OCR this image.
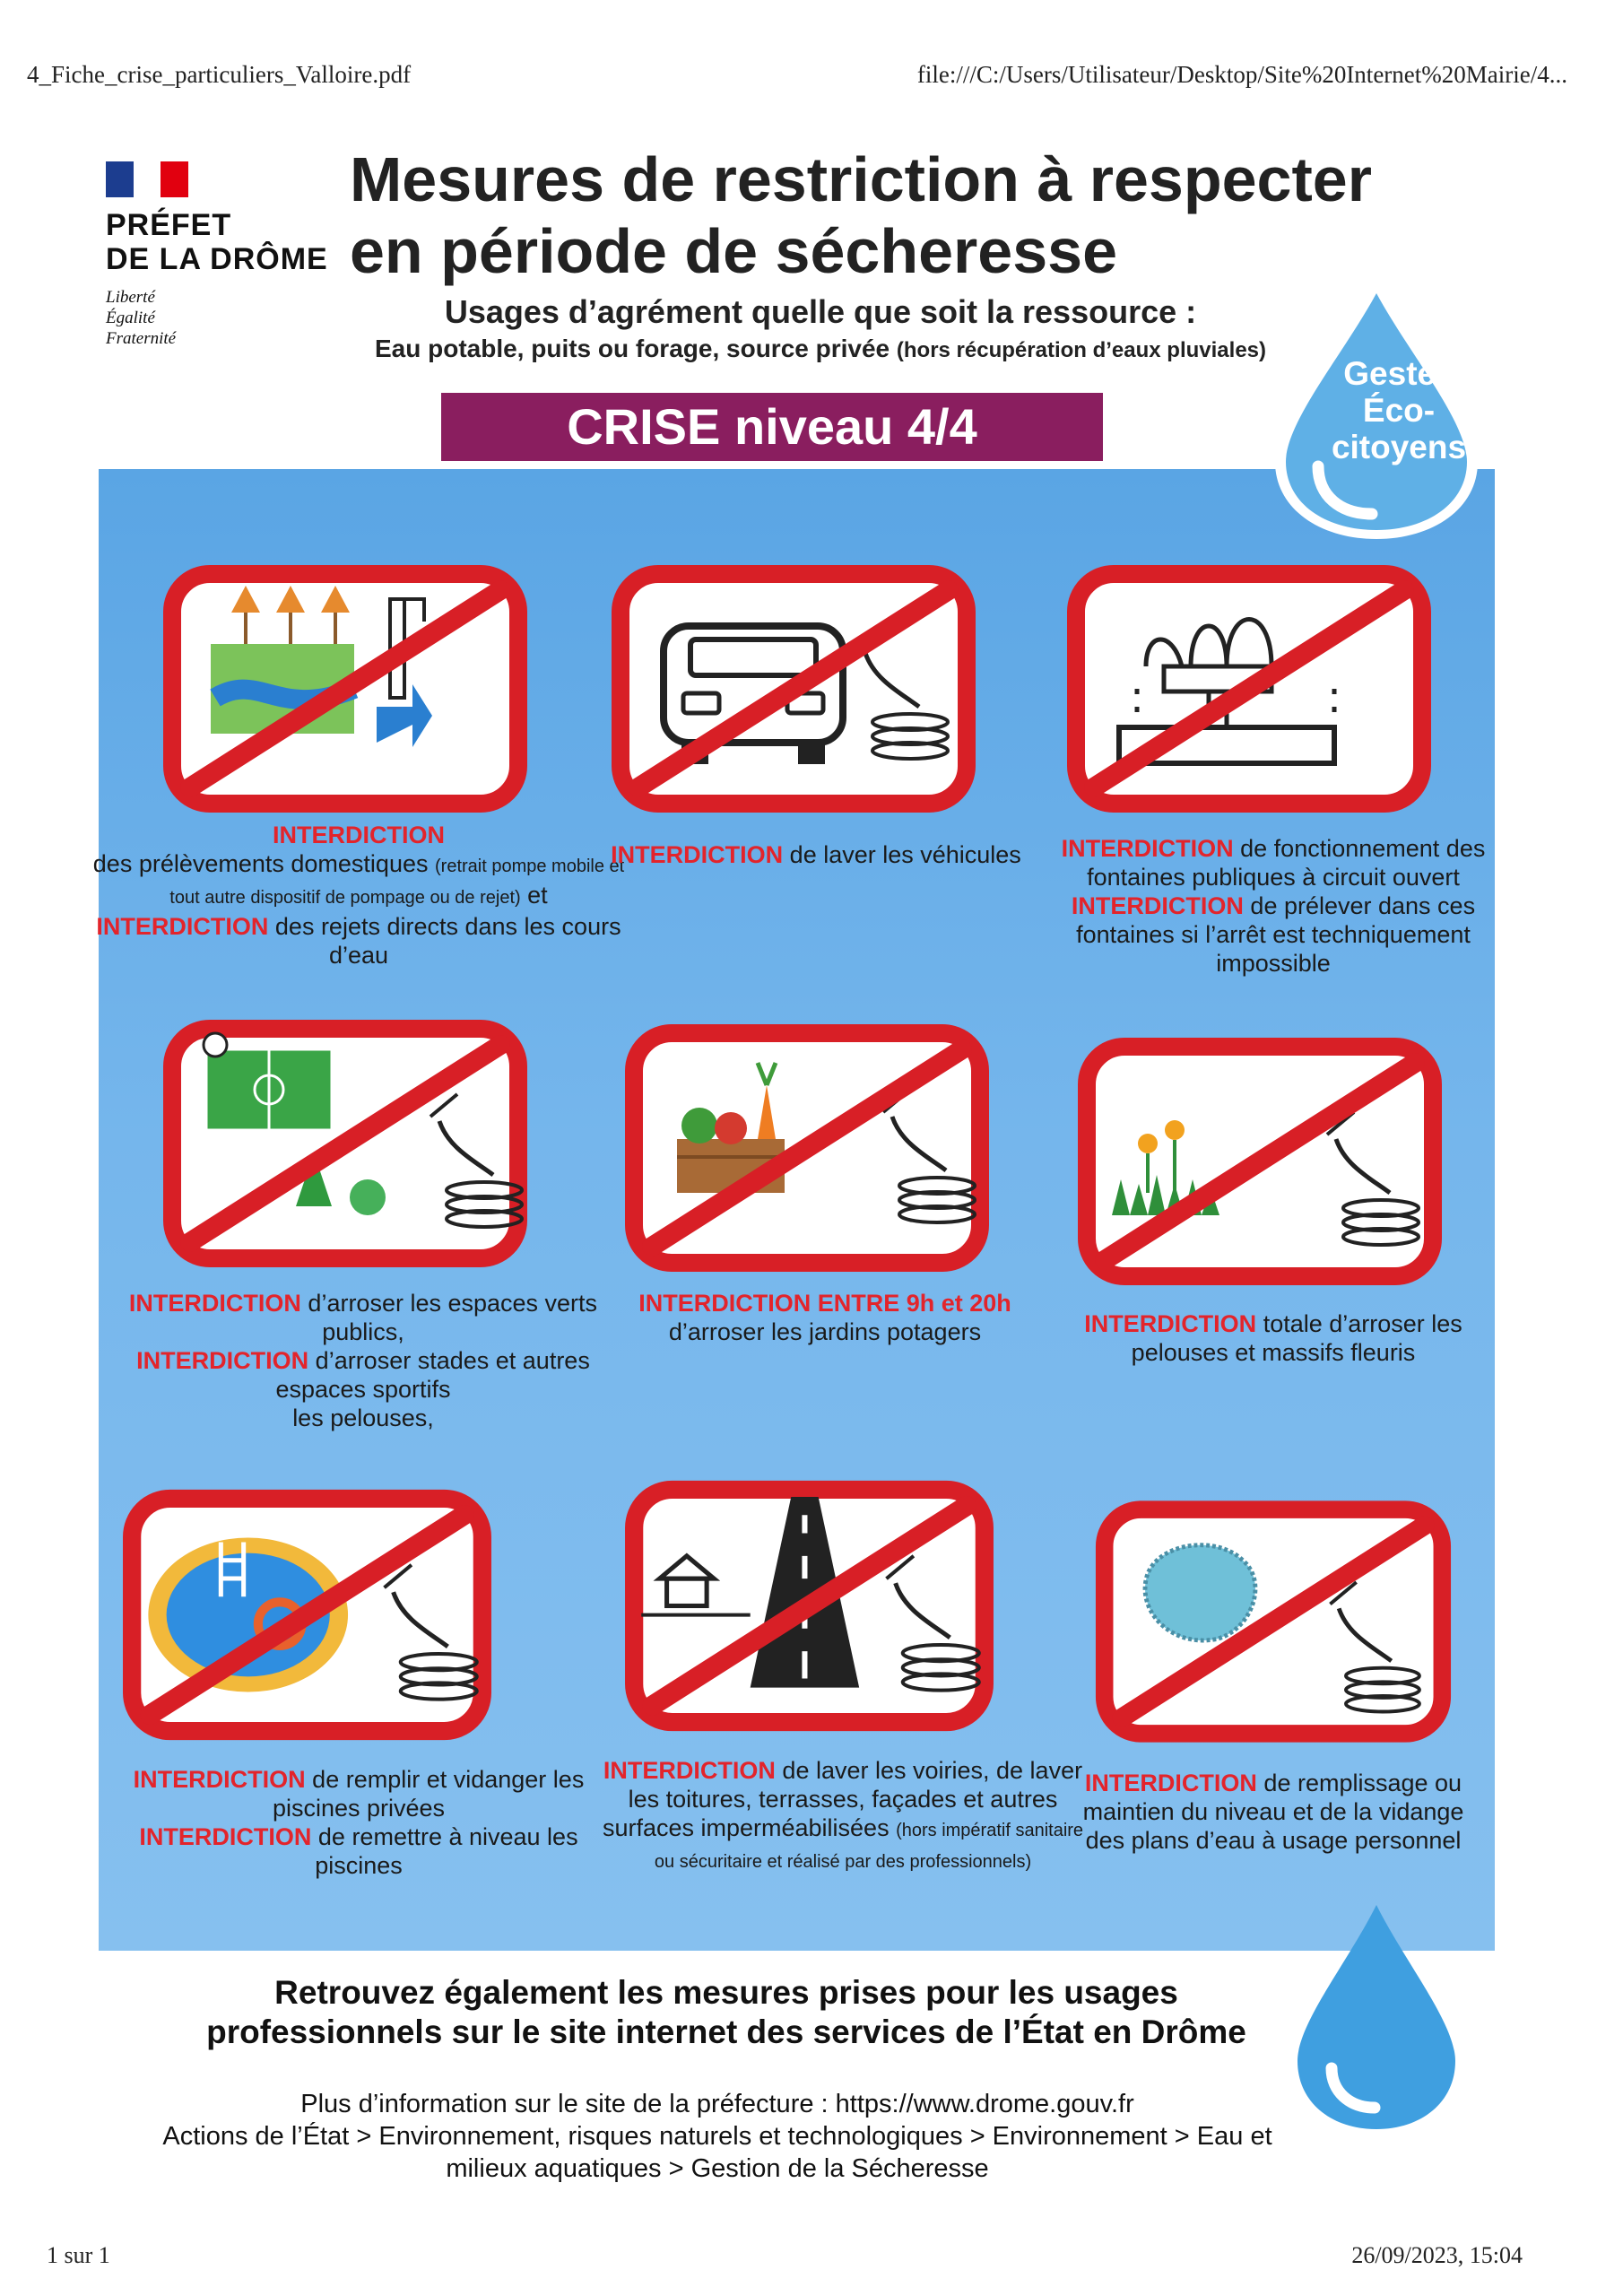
4_Fiche_crise_particuliers_Valloire.pdf	file:///C:/Users/Utilisateur/Desktop/Site%20Internet%20Mairie/4...
1 sur 1	26/09/2023, 15:04
PRÉFET
DE LA DRÔME
Liberté
Égalité
Fraternité
Mesures de restriction à respecter
en période de sécheresse
Usages d’agrément quelle que soit la ressource :
Eau potable, puits ou forage, source privée (hors récupération d’eaux pluviales)
CRISE niveau 4/4
Gestes
Éco-
citoyens
INTERDICTION
des prélèvements domestiques (retrait pompe mobile et tout autre dispositif de pompage ou de rejet) et INTERDICTION des rejets directs dans les cours d’eau
INTERDICTION de laver les véhicules	INTERDICTION de fonctionnement des fontaines publiques à circuit ouvert
INTERDICTION de prélever dans ces fontaines si l’arrêt est techniquement impossible
INTERDICTION d’arroser les espaces verts publics,
INTERDICTION d’arroser stades et autres espaces sportifs
les pelouses,
INTERDICTION ENTRE 9h et 20h
d’arroser les jardins potagers	INTERDICTION totale d’arroser les pelouses et massifs fleuris
INTERDICTION de remplir et vidanger les piscines privées
INTERDICTION de remettre à niveau les piscines
INTERDICTION de laver les voiries, de laver les toitures, terrasses, façades et autres surfaces imperméabilisées (hors impératif sanitaire ou sécuritaire et réalisé par des professionnels)
INTERDICTION de remplissage ou maintien du niveau et de la vidange des plans d’eau à usage personnel
Retrouvez également les mesures prises pour les usages
professionnels sur le site internet des services de l’État en Drôme
Plus d’information sur le site de la préfecture : https://www.drome.gouv.fr
Actions de l’État > Environnement, risques naturels et technologiques > Environnement > Eau et
milieux aquatiques > Gestion de la Sécheresse
